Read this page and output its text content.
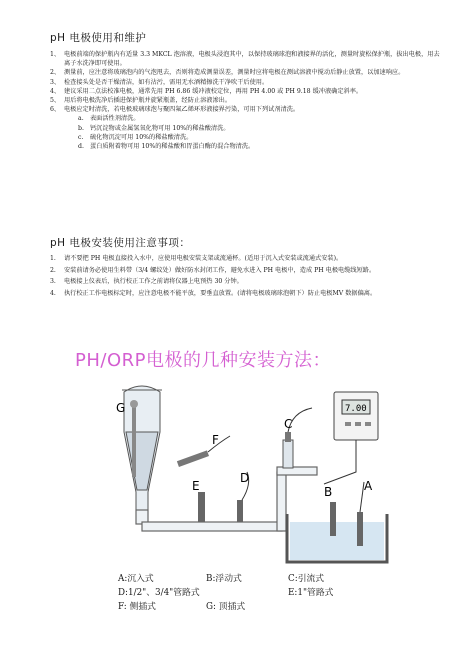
pH 电极使用和维护
1、 电极前端的保护瓶内有适量 3.3 MKCL 泡溶液，电极头浸泡其中，以保持玻璃球泡和液接界的活化，测量时旋松保护瓶，拔出电极，用去离子水洗净即可使用。
2、 测量前，应注意将玻璃泡内的气泡甩去，否则将造成测量误差，测量时应将电极在测试溶液中搅动后静止放置，以加速响应。
3、 检查接头处是否干燥清洁，如有沾污，需用无水酒精擦洗干净吹干后使用。
4、 建议采用二点法校准电极，通常先用 PH 6.86 缓冲液校定位，再用 PH 4.00 或 PH 9.18 缓冲液确定斜率。
5、 用后将电极洗净后插进保护瓶并旋紧瓶盖，经防止溶液渗出。
6、 电极应定时清洗，若电极玻璃球泡与聚四氟乙烯环形液接界污染，可用下列试剂清洗。
a. 表面活性剂清洗。
b. 钙沉淀物或金属氢氧化物可用 10%的稀盐酸清洗。
c. 硫化物沉淀可用 10%的稀盐酸清洗。
d. 蛋白质附着物可用 10%的稀盐酸和胃蛋白酶的混合物清洗。
pH 电极安装使用注意事项：
1. 请不要把 PH 电极直接投入水中，应使用电极安装支架或流通杯。(适用于沉入式安装或流通式安装)。
2. 安装前请务必使用生料带（3/4 螺纹处）做好防水封闭工作，避免水进入 PH 电极中，造成 PH 电极电缆线短路。
3. 电极接上仪表后，执行校正工作之前请将仪器上电预热 30 分钟。
4. 执行校正工作电极标定时，应注意电极不能平放，要垂直放置。(请将电极玻璃球泡朝下）防止电极MV 数据偏离。
PH/ORP电极的几种安装方法：
G
F
E
D
C
7.00
B	A
A:沉入式	B:浮动式	C:引流式
D:1/2"、3/4"管路式	E:1"管路式
F: 侧插式	G: 顶插式
